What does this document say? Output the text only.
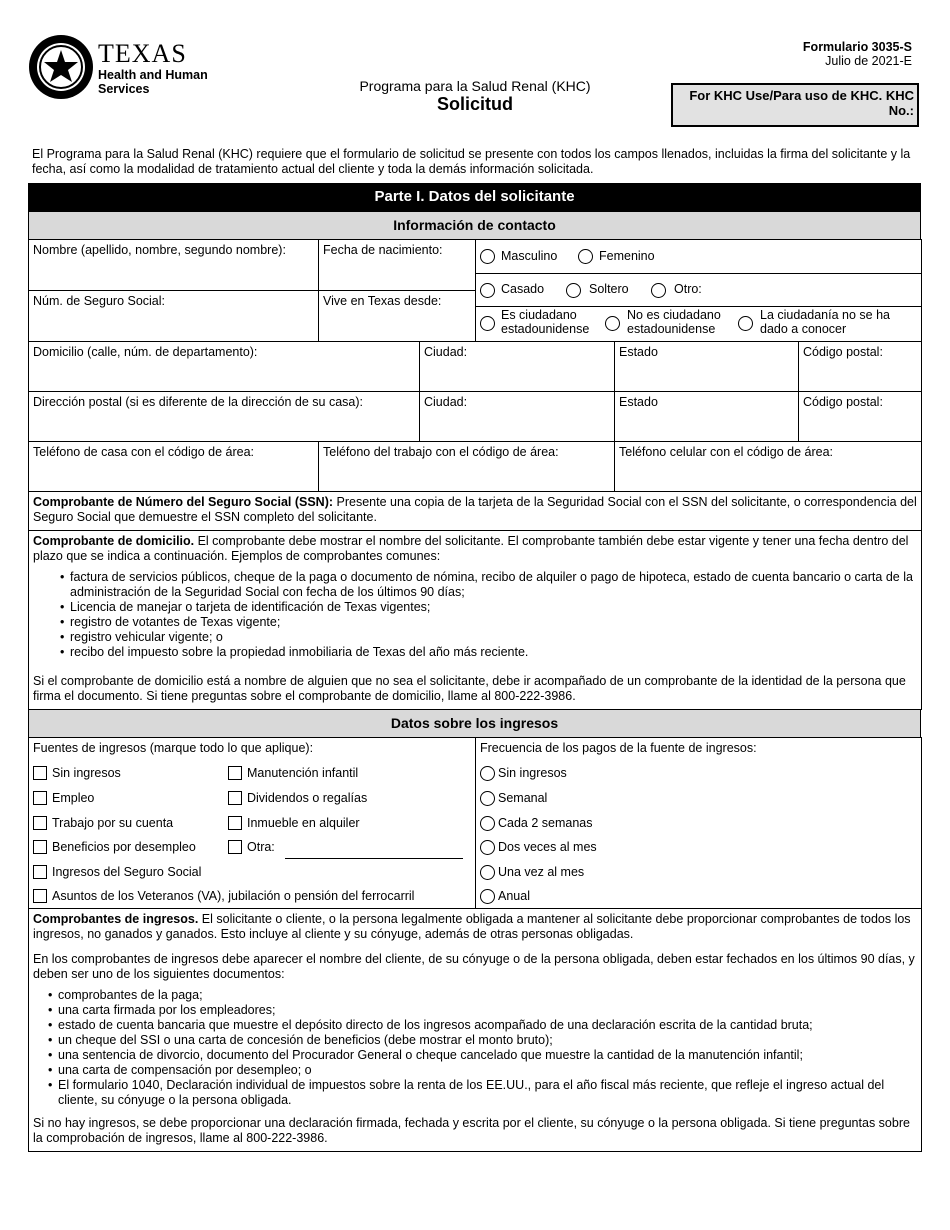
TEXAS
Health and Human
Services	Programa para la Salud Renal (KHC)
Solicitud
Formulario 3035-S
Julio de 2021-E
For KHC Use/Para uso de KHC. KHC No.:
El Programa para la Salud Renal (KHC) requiere que el formulario de solicitud se presente con todos los campos llenados, incluidas la firma del solicitante y la fecha, así como la modalidad de tratamiento actual del cliente y toda la demás información solicitada.
Parte I. Datos del solicitante
Información de contacto
Nombre (apellido, nombre, segundo nombre):	Fecha de nacimiento:	Masculino	Femenino
Núm. de Seguro Social:	Vive en Texas desde:
Casado	Soltero	Otro:
Es ciudadano estadounidense
No es ciudadano estadounidense
La ciudadanía no se ha dado a conocer
Domicilio (calle, núm. de departamento):	Ciudad:	Estado	Código postal:
Dirección postal (si es diferente de la dirección de su casa):	Ciudad:	Estado	Código postal:
Teléfono de casa con el código de área:	Teléfono del trabajo con el código de área:	Teléfono celular con el código de área:
Comprobante de Número del Seguro Social (SSN): Presente una copia de la tarjeta de la Seguridad Social con el SSN del solicitante, o correspondencia del Seguro Social que demuestre el SSN completo del solicitante.
Comprobante de domicilio. El comprobante debe mostrar el nombre del solicitante. El comprobante también debe estar vigente y tener una fecha dentro del plazo que se indica a continuación. Ejemplos de comprobantes comunes:
• factura de servicios públicos, cheque de la paga o documento de nómina, recibo de alquiler o pago de hipoteca, estado de cuenta bancario o carta de la administración de la Seguridad Social con fecha de los últimos 90 días;
• Licencia de manejar o tarjeta de identificación de Texas vigentes;
• registro de votantes de Texas vigente;
• registro vehicular vigente; o
• recibo del impuesto sobre la propiedad inmobiliaria de Texas del año más reciente.
Si el comprobante de domicilio está a nombre de alguien que no sea el solicitante, debe ir acompañado de un comprobante de la identidad de la persona que firma el documento. Si tiene preguntas sobre el comprobante de domicilio, llame al 800-222-3986.
Datos sobre los ingresos
Fuentes de ingresos (marque todo lo que aplique):
Sin ingresos
Empleo
Trabajo por su cuenta
Beneficios por desempleo
Ingresos del Seguro Social
Asuntos de los Veteranos (VA), jubilación o pensión del ferrocarril
Manutención infantil
Dividendos o regalías
Inmueble en alquiler
Otra:
Frecuencia de los pagos de la fuente de ingresos:
Sin ingresos
Semanal
Cada 2 semanas
Dos veces al mes
Una vez al mes
Anual
Comprobantes de ingresos. El solicitante o cliente, o la persona legalmente obligada a mantener al solicitante debe proporcionar comprobantes de todos los ingresos, no ganados y ganados. Esto incluye al cliente y su cónyuge, además de otras personas obligadas.
En los comprobantes de ingresos debe aparecer el nombre del cliente, de su cónyuge o de la persona obligada, deben estar fechados en los últimos 90 días, y deben ser uno de los siguientes documentos:
• comprobantes de la paga;
• una carta firmada por los empleadores;
• estado de cuenta bancaria que muestre el depósito directo de los ingresos acompañado de una declaración escrita de la cantidad bruta;
• un cheque del SSI o una carta de concesión de beneficios (debe mostrar el monto bruto);
• una sentencia de divorcio, documento del Procurador General o cheque cancelado que muestre la cantidad de la manutención infantil;
• una carta de compensación por desempleo; o
• El formulario 1040, Declaración individual de impuestos sobre la renta de los EE.UU., para el año fiscal más reciente, que refleje el ingreso actual del cliente, su cónyuge o la persona obligada.
Si no hay ingresos, se debe proporcionar una declaración firmada, fechada y escrita por el cliente, su cónyuge o la persona obligada. Si tiene preguntas sobre la comprobación de ingresos, llame al 800-222-3986.
